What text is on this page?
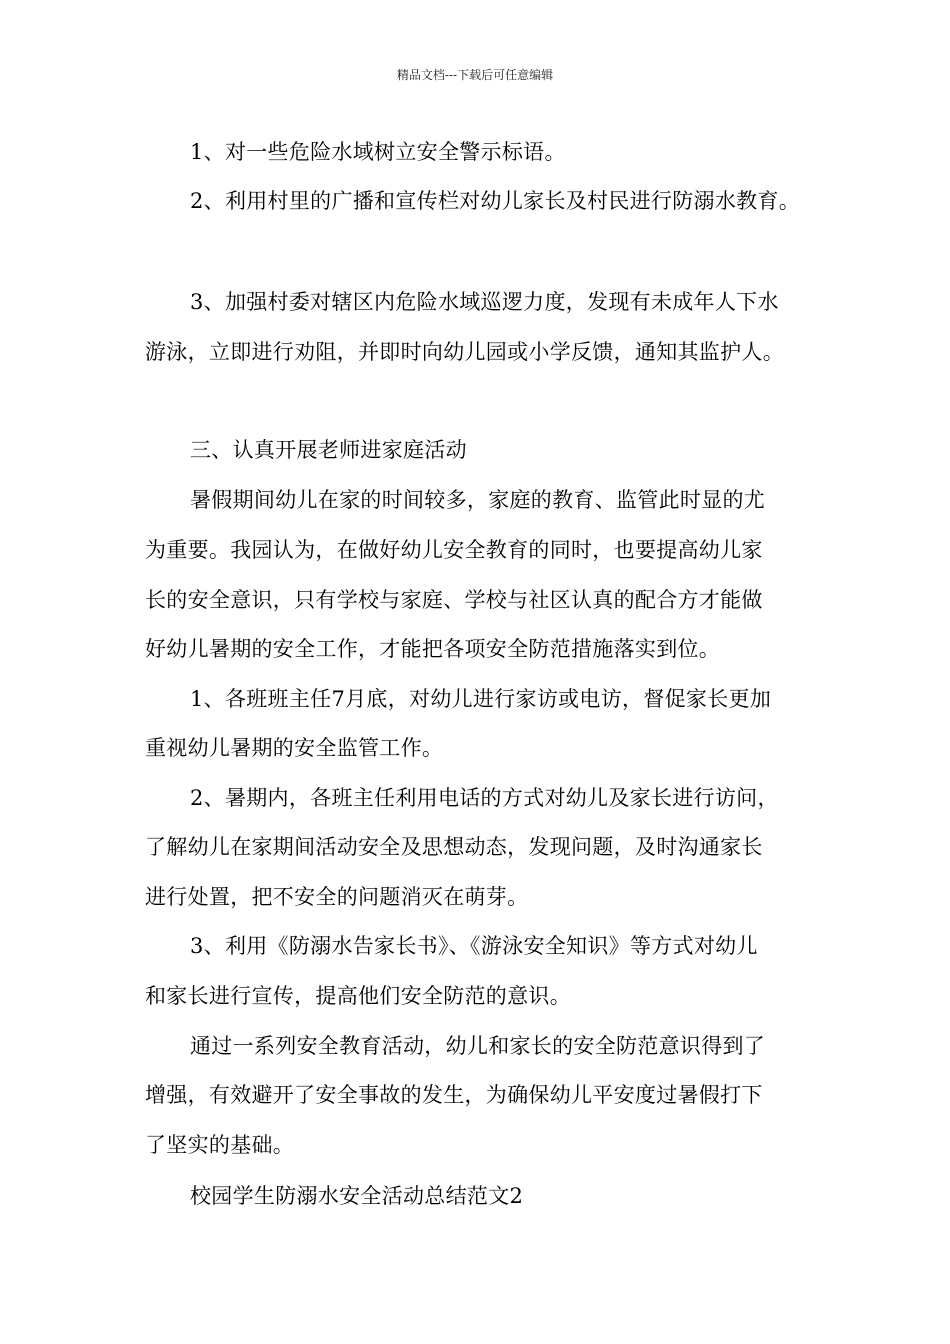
精品文档---下载后可任意编辑
1、对一些危险水域树立安全警示标语。
2、利用村里的广播和宣传栏对幼儿家长及村民进行防溺水教育。
3、加强村委对辖区内危险水域巡逻力度，发现有未成年人下水
游泳，立即进行劝阻，并即时向幼儿园或小学反馈，通知其监护人。
三、认真开展老师进家庭活动
暑假期间幼儿在家的时间较多，家庭的教育、监管此时显的尤
为重要。我园认为，在做好幼儿安全教育的同时，也要提高幼儿家
长的安全意识，只有学校与家庭、学校与社区认真的配合方才能做
好幼儿暑期的安全工作，才能把各项安全防范措施落实到位。
1、各班班主任7月底，对幼儿进行家访或电访，督促家长更加
重视幼儿暑期的安全监管工作。
2、暑期内，各班主任利用电话的方式对幼儿及家长进行访问，
了解幼儿在家期间活动安全及思想动态，发现问题，及时沟通家长
进行处置，把不安全的问题消灭在萌芽。
3、利用《防溺水告家长书》、《游泳安全知识》等方式对幼儿
和家长进行宣传，提高他们安全防范的意识。
通过一系列安全教育活动，幼儿和家长的安全防范意识得到了
增强，有效避开了安全事故的发生，为确保幼儿平安度过暑假打下
了坚实的基础。
校园学生防溺水安全活动总结范文2
